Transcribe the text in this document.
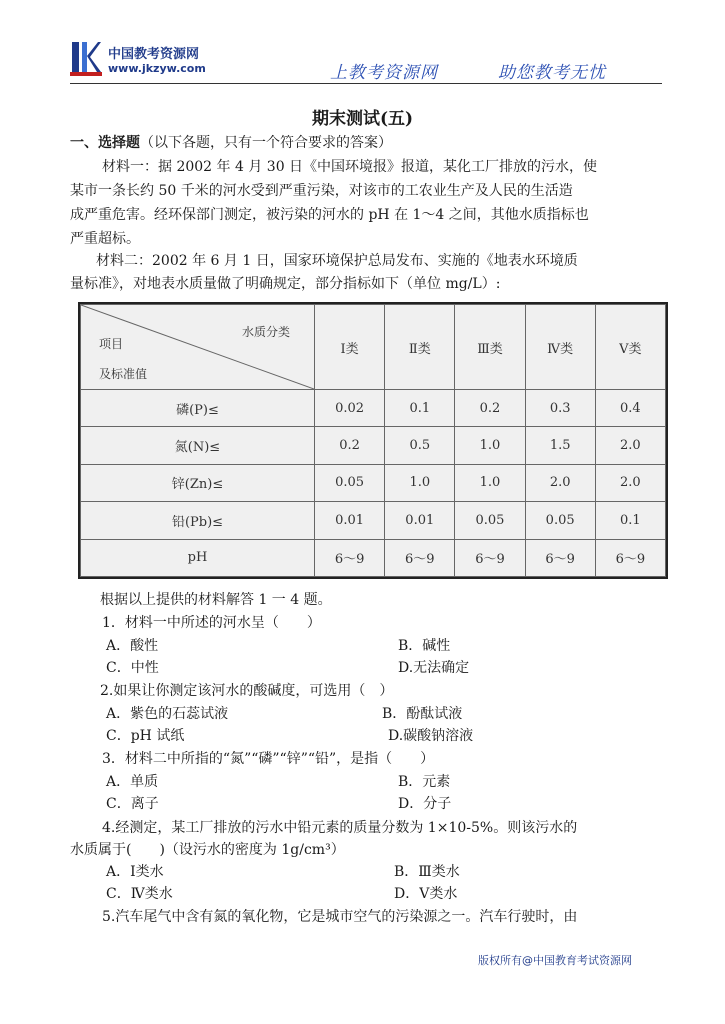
中国教考资源网
www.jkzyw.com	上教考资源网	助您教考无忧
期末测试(五)
一、选择题（以下各题，只有一个符合要求的答案）
材料一：据 2002 年 4 月 30 日《中国环境报》报道，某化工厂排放的污水，使
某市一条长约 50 千米的河水受到严重污染，对该市的工农业生产及人民的生活造
成严重危害。经环保部门测定，被污染的河水的 pH 在 1～4 之间，其他水质指标也
严重超标。
材料二：2002 年 6 月 1 日，国家环境保护总局发布、实施的《地表水环境质
量标准》，对地表水质量做了明确规定，部分指标如下（单位 mg/L）:
水质分类
项目
及标准值	Ⅰ类	Ⅱ类	Ⅲ类	Ⅳ类	Ⅴ类
磷(P)≤	0.02	0.1	0.2	0.3	0.4
氮(N)≤	0.2	0.5	1.0	1.5	2.0
锌(Zn)≤	0.05	1.0	1.0	2.0	2.0
铅(Pb)≤	0.01	0.01	0.05	0.05	0.1
pH	6～9	6～9	6～9	6～9	6～9
根据以上提供的材料解答 1 一 4 题。
1．材料一中所述的河水呈（　　）
A．酸性	B．碱性
C．中性	D.无法确定
2.如果让你测定该河水的酸碱度，可选用（　）
A．紫色的石蕊试液	B．酚酞试液
C．pH 试纸	D.碳酸钠溶液
3．材料二中所指的“氮”“磷”“锌”“铅”，是指（　　）
A．单质	B．元素
C．离子	D．分子
4.经测定，某工厂排放的污水中铅元素的质量分数为 1×10-5%。则该污水的
水质属于(　　)（设污水的密度为 1g/cm³）
A．Ⅰ类水	B．Ⅲ类水
C．Ⅳ类水	D．Ⅴ类水
5.汽车尾气中含有氮的氧化物，它是城市空气的污染源之一。汽车行驶时，由
版权所有@中国教育考试资源网
